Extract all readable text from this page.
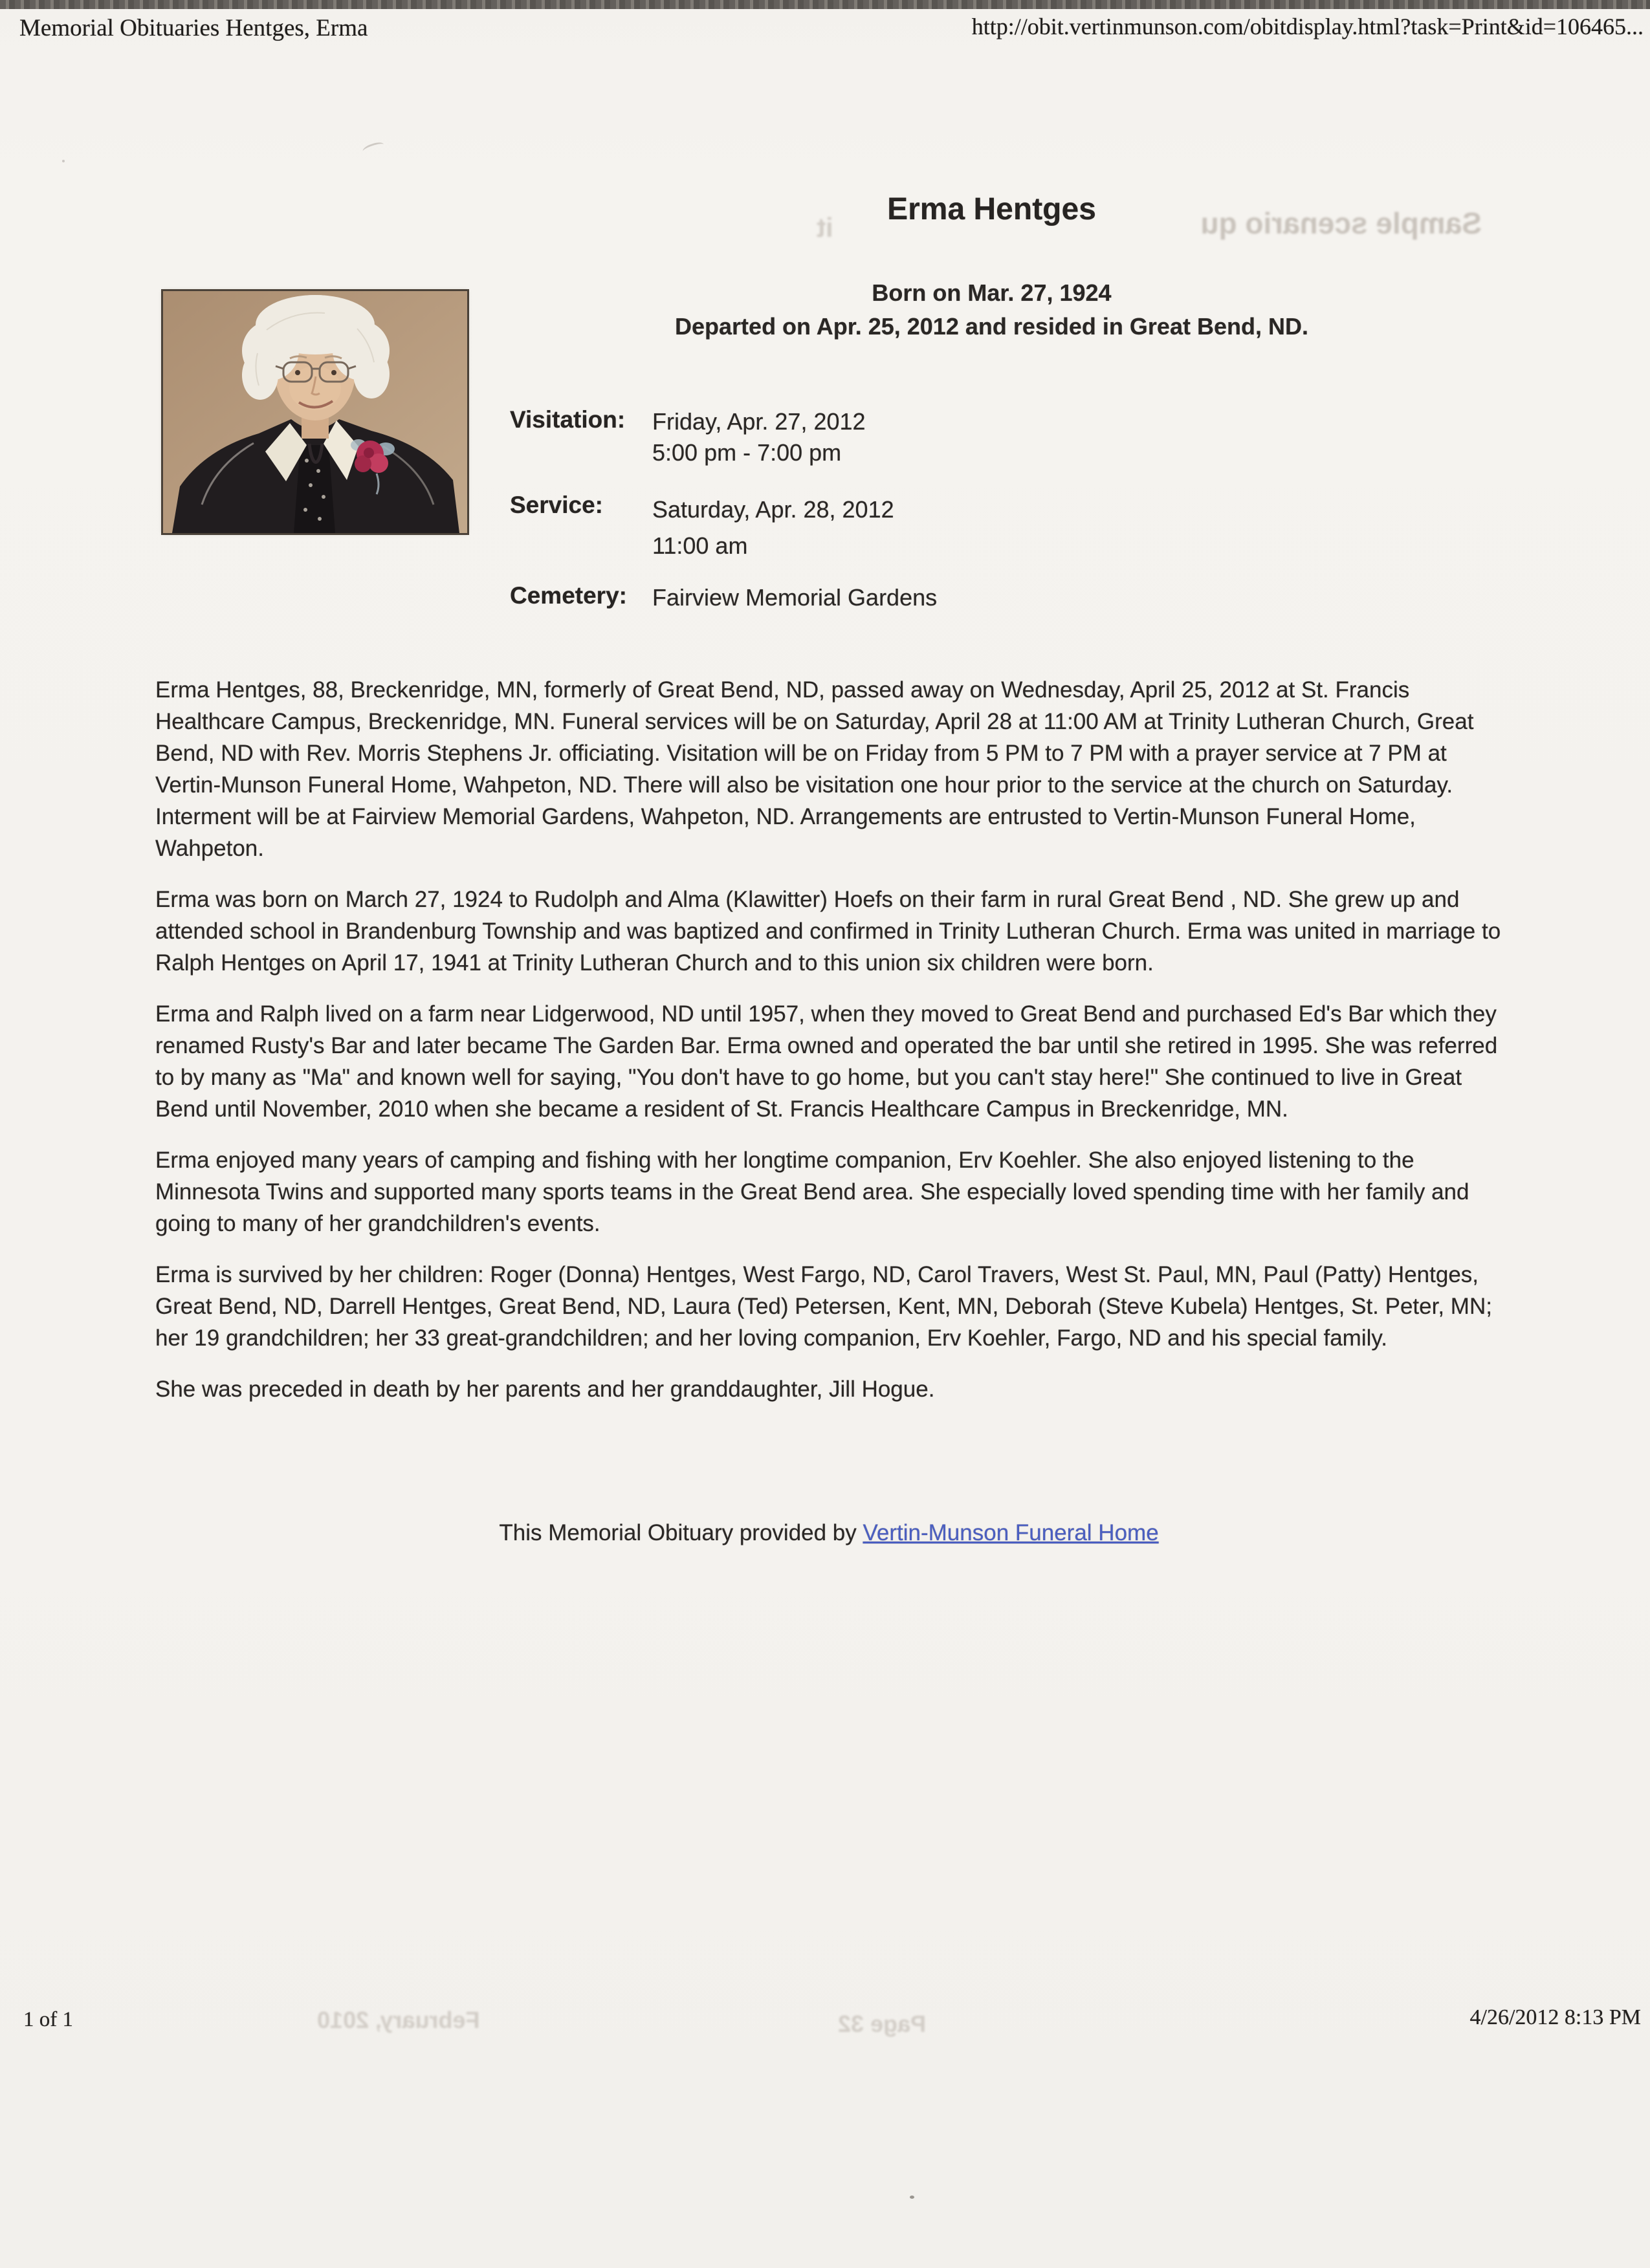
Memorial Obituaries Hentges, Erma	http://obit.vertinmunson.com/obitdisplay.html?task=Print&id=106465...
Sample scenario qu
it
Erma Hentges
Born on Mar. 27, 1924
Departed on Apr. 25, 2012 and resided in Great Bend, ND.
Visitation:	Friday, Apr. 27, 2012
5:00 pm - 7:00 pm
Service:	Saturday, Apr. 28, 2012
11:00 am
Cemetery:	Fairview Memorial Gardens

Erma Hentges, 88, Breckenridge, MN, formerly of Great Bend, ND, passed away on Wednesday, April 25, 2012 at St. Francis Healthcare Campus, Breckenridge, MN. Funeral services will be on Saturday, April 28 at 11:00 AM at Trinity Lutheran Church, Great Bend, ND with Rev. Morris Stephens Jr. officiating. Visitation will be on Friday from 5 PM to 7 PM with a prayer service at 7 PM at Vertin-Munson Funeral Home, Wahpeton, ND. There will also be visitation one hour prior to the service at the church on Saturday. Interment will be at Fairview Memorial Gardens, Wahpeton, ND. Arrangements are entrusted to Vertin-Munson Funeral Home, Wahpeton.

Erma was born on March 27, 1924 to Rudolph and Alma (Klawitter) Hoefs on their farm in rural Great Bend , ND. She grew up and attended school in Brandenburg Township and was baptized and confirmed in Trinity Lutheran Church. Erma was united in marriage to Ralph Hentges on April 17, 1941 at Trinity Lutheran Church and to this union six children were born.

Erma and Ralph lived on a farm near Lidgerwood, ND until 1957, when they moved to Great Bend and purchased Ed's Bar which they renamed Rusty's Bar and later became The Garden Bar. Erma owned and operated the bar until she retired in 1995. She was referred to by many as "Ma" and known well for saying, "You don't have to go home, but you can't stay here!" She continued to live in Great Bend until November, 2010 when she became a resident of St. Francis Healthcare Campus in Breckenridge, MN.

Erma enjoyed many years of camping and fishing with her longtime companion, Erv Koehler. She also enjoyed listening to the Minnesota Twins and supported many sports teams in the Great Bend area. She especially loved spending time with her family and going to many of her grandchildren's events.

Erma is survived by her children: Roger (Donna) Hentges, West Fargo, ND, Carol Travers, West St. Paul, MN, Paul (Patty) Hentges, Great Bend, ND, Darrell Hentges, Great Bend, ND, Laura (Ted) Petersen, Kent, MN, Deborah (Steve Kubela) Hentges, St. Peter, MN; her 19 grandchildren; her 33 great-grandchildren; and her loving companion, Erv Koehler, Fargo, ND and his special family.

She was preceded in death by her parents and her granddaughter, Jill Hogue.

This Memorial Obituary provided by Vertin-Munson Funeral Home
1 of 1	4/26/2012 8:13 PM
February, 2010	Page 32
